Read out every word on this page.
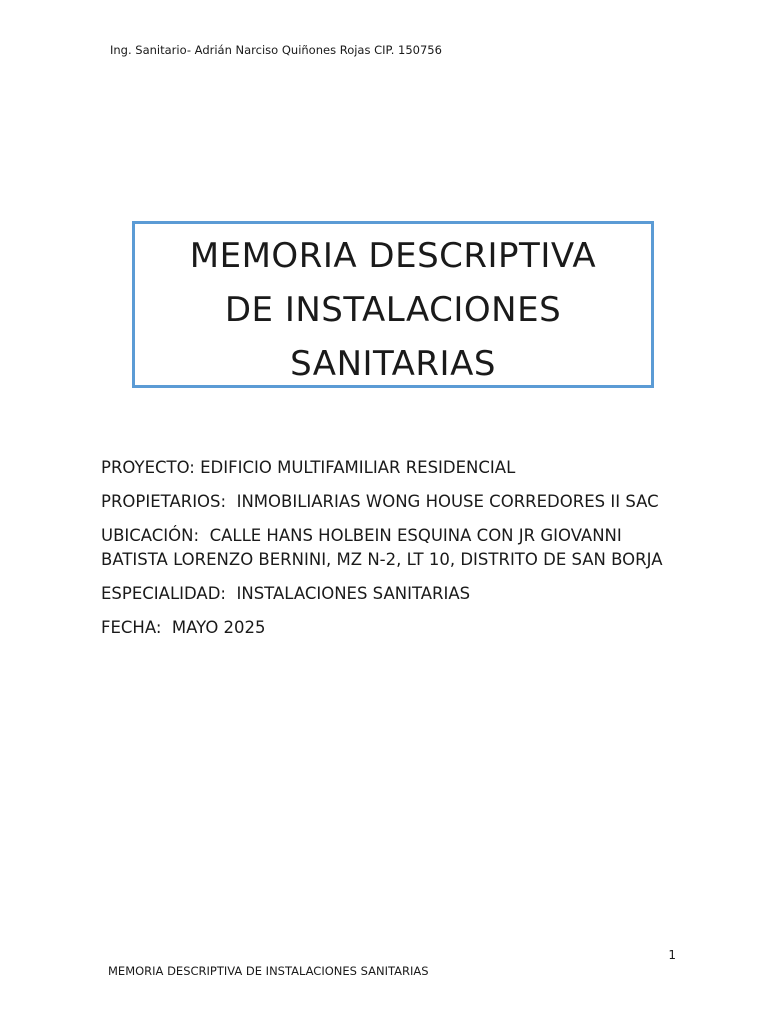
Ing. Sanitario- Adrián Narciso Quiñones Rojas CIP. 150756
MEMORIA DESCRIPTIVA
DE INSTALACIONES
SANITARIAS
PROYECTO: EDIFICIO MULTIFAMILIAR RESIDENCIAL
PROPIETARIOS: INMOBILIARIAS WONG HOUSE CORREDORES II SAC
UBICACIÓN: CALLE HANS HOLBEIN ESQUINA CON JR GIOVANNI
BATISTA LORENZO BERNINI, MZ N-2, LT 10, DISTRITO DE SAN BORJA
ESPECIALIDAD: INSTALACIONES SANITARIAS
FECHA: MAYO 2025
1
MEMORIA DESCRIPTIVA DE INSTALACIONES SANITARIAS
